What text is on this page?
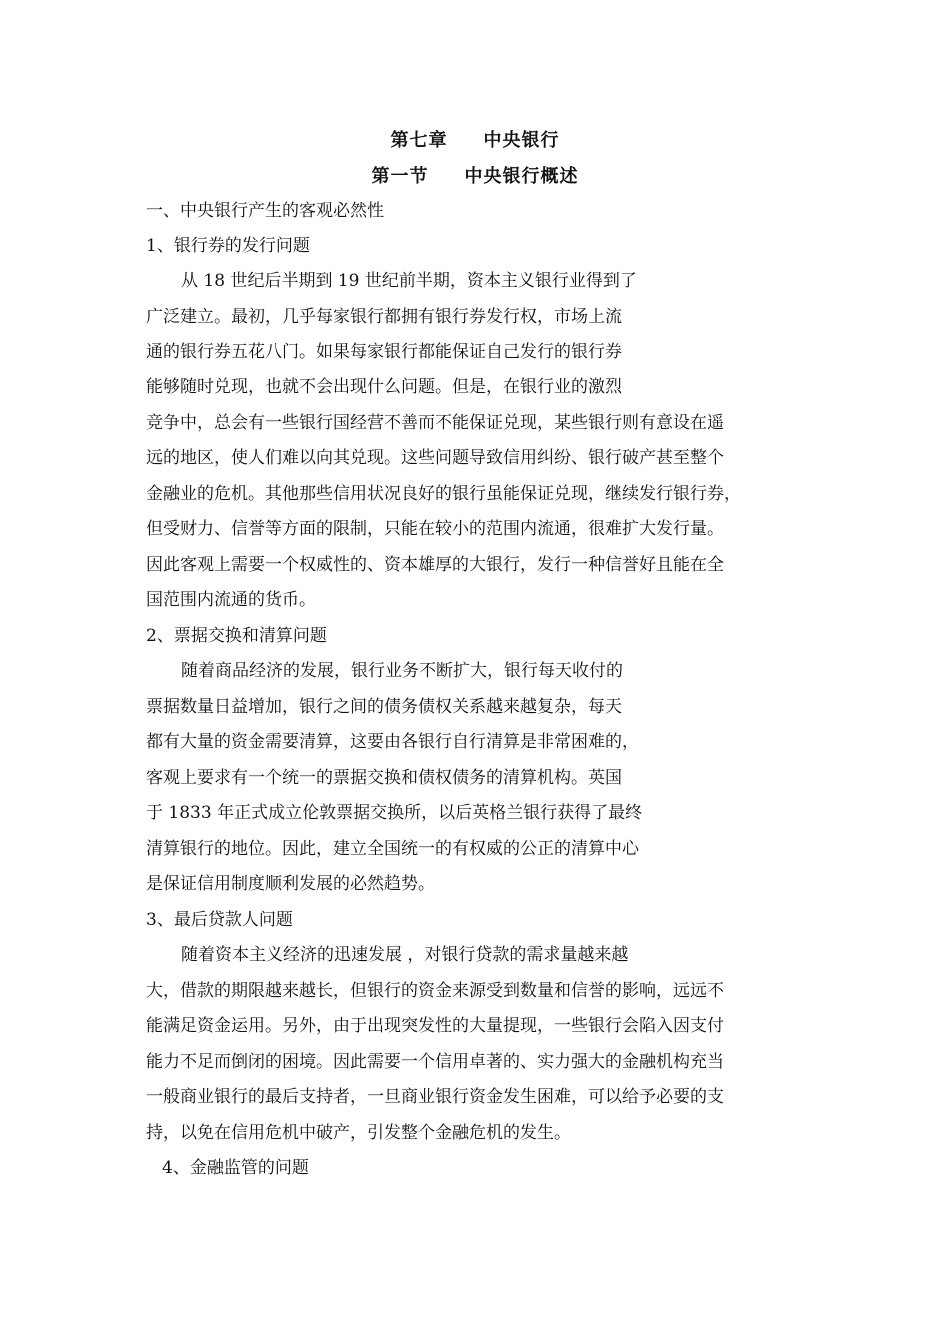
第七章 中央银行
第一节 中央银行概述
一、中央银行产生的客观必然性
1、银行券的发行问题
从 18 世纪后半期到 19 世纪前半期，资本主义银行业得到了
广泛建立。最初，几乎每家银行都拥有银行券发行权，市场上流
通的银行券五花八门。如果每家银行都能保证自己发行的银行券
能够随时兑现，也就不会出现什么问题。但是，在银行业的激烈
竞争中，总会有一些银行国经营不善而不能保证兑现，某些银行则有意设在遥
远的地区，使人们难以向其兑现。这些问题导致信用纠纷、银行破产甚至整个
金融业的危机。其他那些信用状况良好的银行虽能保证兑现，继续发行银行券，
但受财力、信誉等方面的限制，只能在较小的范围内流通，很难扩大发行量。
因此客观上需要一个权威性的、资本雄厚的大银行，发行一种信誉好且能在全
国范围内流通的货币。
2、票据交换和清算问题
随着商品经济的发展，银行业务不断扩大，银行每天收付的
票据数量日益增加，银行之间的债务债权关系越来越复杂，每天
都有大量的资金需要清算，这要由各银行自行清算是非常困难的，
客观上要求有一个统一的票据交换和债权债务的清算机构。英国
于 1833 年正式成立伦敦票据交换所，以后英格兰银行获得了最终
清算银行的地位。因此，建立全国统一的有权威的公正的清算中心
是保证信用制度顺利发展的必然趋势。
3、最后贷款人问题
随着资本主义经济的迅速发展 ，对银行贷款的需求量越来越
大，借款的期限越来越长，但银行的资金来源受到数量和信誉的影响，远远不
能满足资金运用。另外，由于出现突发性的大量提现，一些银行会陷入因支付
能力不足而倒闭的困境。因此需要一个信用卓著的、实力强大的金融机构充当
一般商业银行的最后支持者，一旦商业银行资金发生困难，可以给予必要的支
持，以免在信用危机中破产，引发整个金融危机的发生。
4、金融监管的问题
